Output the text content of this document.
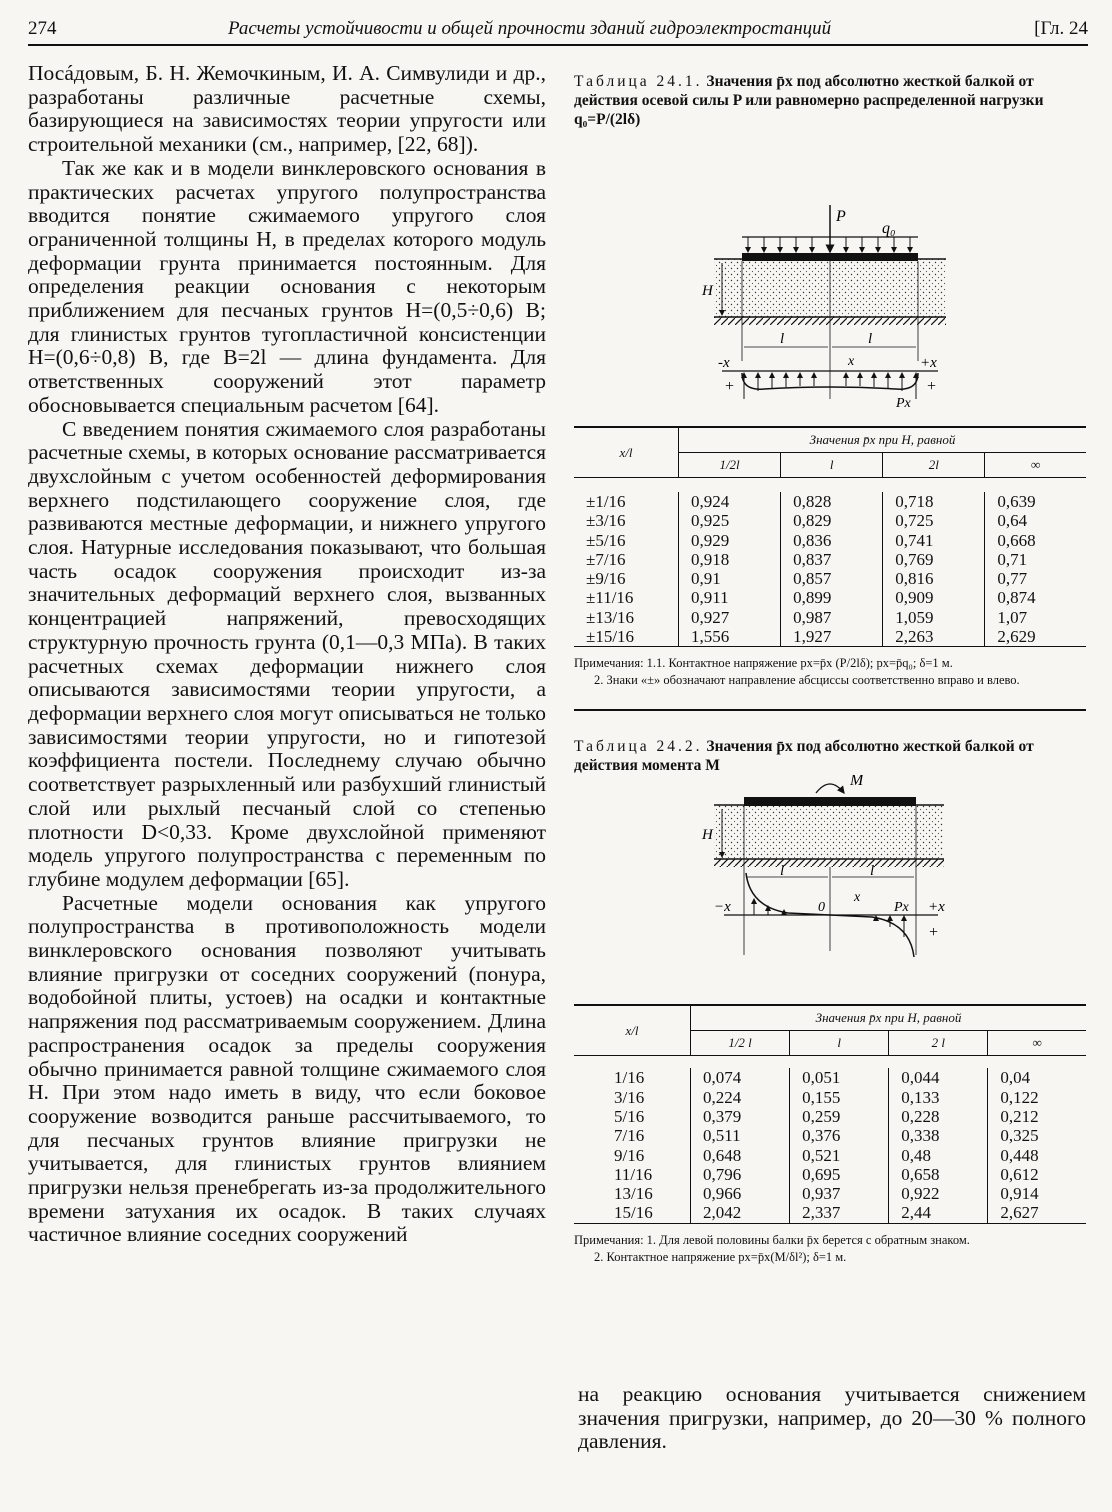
274	Расчеты устойчивости и общей прочности зданий гидроэлектростанций	[Гл. 24

Посáдовым, Б. Н. Жемочкиным, И. А. Симвулиди и др., разработаны различные расчетные схемы, базирующиеся на зависимостях теории упругости или строительной механики (см., например, [22, 68]).

Так же как и в модели винклеровского основания в практических расчетах упругого полупространства вводится понятие сжимаемого упругого слоя ограниченной толщины H, в пределах которого модуль деформации грунта принимается постоянным. Для определения реакции основания с некоторым приближением для песчаных грунтов H=(0,5÷0,6) B; для глинистых грунтов тугопластичной консистенции H=(0,6÷0,8) B, где B=2l — длина фундамента. Для ответственных сооружений этот параметр обосновывается специальным расчетом [64].

С введением понятия сжимаемого слоя разработаны расчетные схемы, в которых основание рассматривается двухслойным с учетом особенностей деформирования верхнего подстилающего сооружение слоя, где развиваются местные деформации, и нижнего упругого слоя. Натурные исследования показывают, что большая часть осадок сооружения происходит из-за значительных деформаций верхнего слоя, вызванных концентрацией напряжений, превосходящих структурную прочность грунта (0,1—0,3 МПа). В таких расчетных схемах деформации нижнего слоя описываются зависимостями теории упругости, а деформации верхнего слоя могут описываться не только зависимостями теории упругости, но и гипотезой коэффициента постели. Последнему случаю обычно соответствует разрыхленный или разбухший глинистый слой или рыхлый песчаный слой со степенью плотности D<0,33. Кроме двухслойной применяют модель упругого полупространства с переменным по глубине модулем деформации [65].

Расчетные модели основания как упругого полупространства в противоположность модели винклеровского основания позволяют учитывать влияние пригрузки от соседних сооружений (понура, водобойной плиты, устоев) на осадки и контактные напряжения под рассматриваемым сооружением. Длина распространения осадок за пределы сооружения обычно принимается равной толщине сжимаемого слоя H. При этом надо иметь в виду, что если боковое сооружение возводится раньше рассчитываемого, то для песчаных грунтов влияние пригрузки не учитывается, для глинистых грунтов влиянием пригрузки нельзя пренебрегать из-за продолжительного времени затухания их осадок. В таких случаях частичное влияние соседних сооружений

Таблица 24.1. Значения p̄x под абсолютно жесткой балкой от действия осевой силы P или равномерно распределенной нагрузки q₀=P/(2lδ)
P
q₀
H
l	l
-x	+x
+	+
x
Px
x/l	Значения p̄x при H, равной			
	1/2l	l	2l	∞

±1/16	0,924	0,828	0,718	0,639
±3/16	0,925	0,829	0,725	0,64
±5/16	0,929	0,836	0,741	0,668
±7/16	0,918	0,837	0,769	0,71
±9/16	0,91	0,857	0,816	0,77
±11/16	0,911	0,899	0,909	0,874
±13/16	0,927	0,987	1,059	1,07
±15/16	1,556	1,927	2,263	2,629

Примечания: 1.1. Контактное напряжение px=p̄x (P/2lδ); px=p̄q₀; δ=1 м.

2. Знаки «±» обозначают направление абсциссы соответственно вправо и влево.

Таблица 24.2. Значения p̄x под абсолютно жесткой балкой от действия момента M
M
H
l	l
−x	+x
0
x
Px
+
x/l	Значения p̄x при H, равной			
	1/2 l	l	2 l	∞

1/16	0,074	0,051	0,044	0,04
3/16	0,224	0,155	0,133	0,122
5/16	0,379	0,259	0,228	0,212
7/16	0,511	0,376	0,338	0,325
9/16	0,648	0,521	0,48	0,448
11/16	0,796	0,695	0,658	0,612
13/16	0,966	0,937	0,922	0,914
15/16	2,042	2,337	2,44	2,627

Примечания: 1. Для левой половины балки p̄x берется с обратным знаком.

2. Контактное напряжение px=p̄x(M/δl²); δ=1 м.

на реакцию основания учитывается снижением значения пригрузки, например, до 20—30 % полного давления.
